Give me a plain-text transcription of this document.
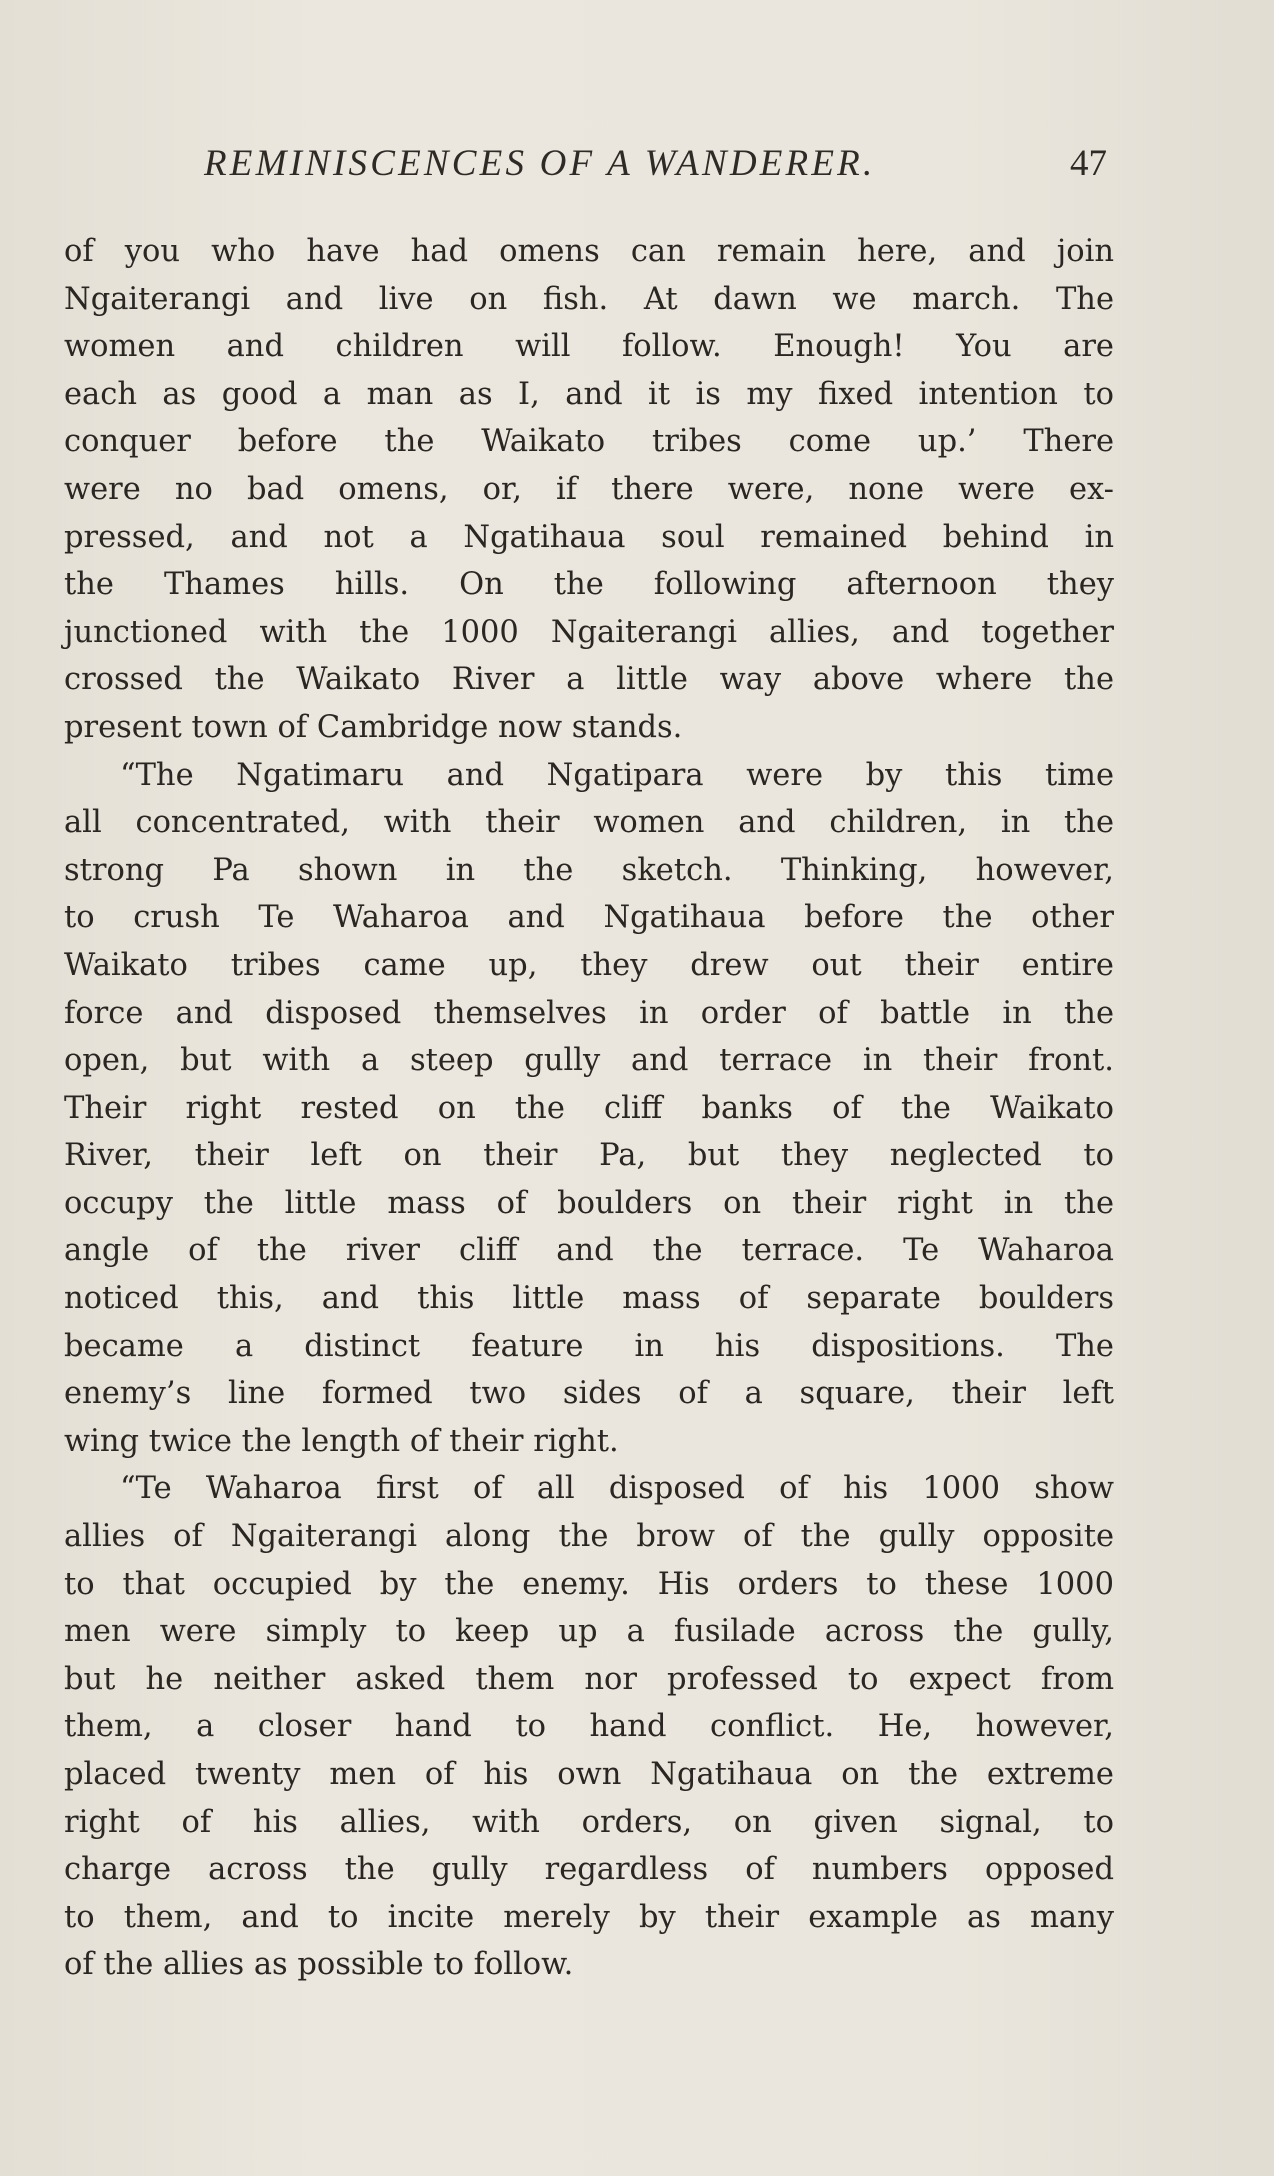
REMINISCENCES OF A WANDERER.	47
of you who have had omens can remain here, and join
Ngaiterangi and live on fish. At dawn we march. The
women and children will follow. Enough! You are
each as good a man as I, and it is my fixed intention to
conquer before the Waikato tribes come up.’ There
were no bad omens, or, if there were, none were ex-
pressed, and not a Ngatihaua soul remained behind in
the Thames hills. On the following afternoon they
junctioned with the 1000 Ngaiterangi allies, and together
crossed the Waikato River a little way above where the
present town of Cambridge now stands.
“The Ngatimaru and Ngatipara were by this time
all concentrated, with their women and children, in the
strong Pa shown in the sketch. Thinking, however,
to crush Te Waharoa and Ngatihaua before the other
Waikato tribes came up, they drew out their entire
force and disposed themselves in order of battle in the
open, but with a steep gully and terrace in their front.
Their right rested on the cliff banks of the Waikato
River, their left on their Pa, but they neglected to
occupy the little mass of boulders on their right in the
angle of the river cliff and the terrace. Te Waharoa
noticed this, and this little mass of separate boulders
became a distinct feature in his dispositions. The
enemy’s line formed two sides of a square, their left
wing twice the length of their right.
“Te Waharoa first of all disposed of his 1000 show
allies of Ngaiterangi along the brow of the gully opposite
to that occupied by the enemy. His orders to these 1000
men were simply to keep up a fusilade across the gully,
but he neither asked them nor professed to expect from
them, a closer hand to hand conflict. He, however,
placed twenty men of his own Ngatihaua on the extreme
right of his allies, with orders, on given signal, to
charge across the gully regardless of numbers opposed
to them, and to incite merely by their example as many
of the allies as possible to follow.
